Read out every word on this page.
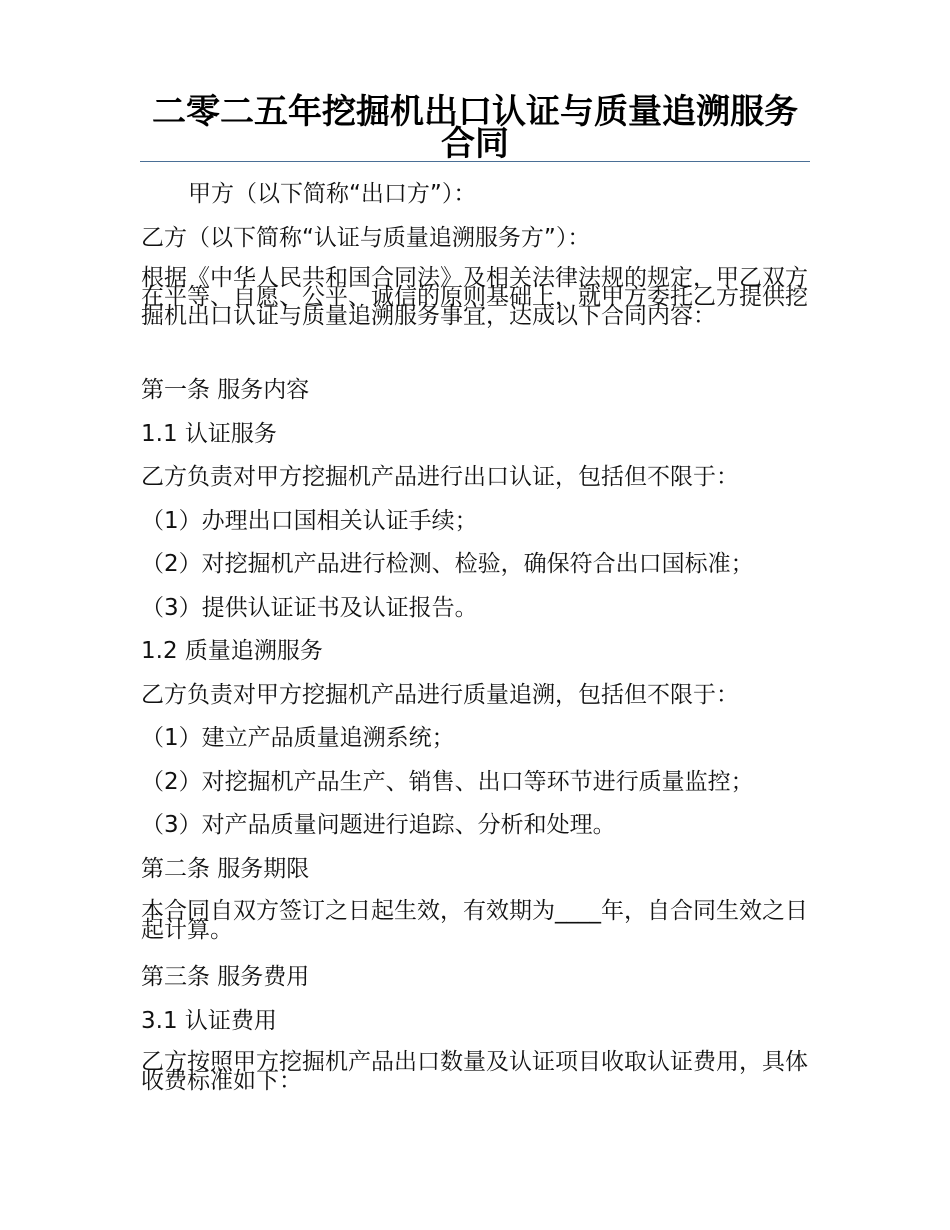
二零二五年挖掘机出口认证与质量追溯服务合同
甲方（以下简称“出口方”）：
乙方（以下简称“认证与质量追溯服务方”）：
根据《中华人民共和国合同法》及相关法律法规的规定，甲乙双方在平等、自愿、公平、诚信的原则基础上，就甲方委托乙方提供挖掘机出口认证与质量追溯服务事宜，达成以下合同内容：
第一条 服务内容
1.1 认证服务
乙方负责对甲方挖掘机产品进行出口认证，包括但不限于：
（1）办理出口国相关认证手续；
（2）对挖掘机产品进行检测、检验，确保符合出口国标准；
（3）提供认证证书及认证报告。
1.2 质量追溯服务
乙方负责对甲方挖掘机产品进行质量追溯，包括但不限于：
（1）建立产品质量追溯系统；
（2）对挖掘机产品生产、销售、出口等环节进行质量监控；
（3）对产品质量问题进行追踪、分析和处理。
第二条 服务期限
本合同自双方签订之日起生效，有效期为____年，自合同生效之日起计算。
第三条 服务费用
3.1 认证费用
乙方按照甲方挖掘机产品出口数量及认证项目收取认证费用，具体收费标准如下：
